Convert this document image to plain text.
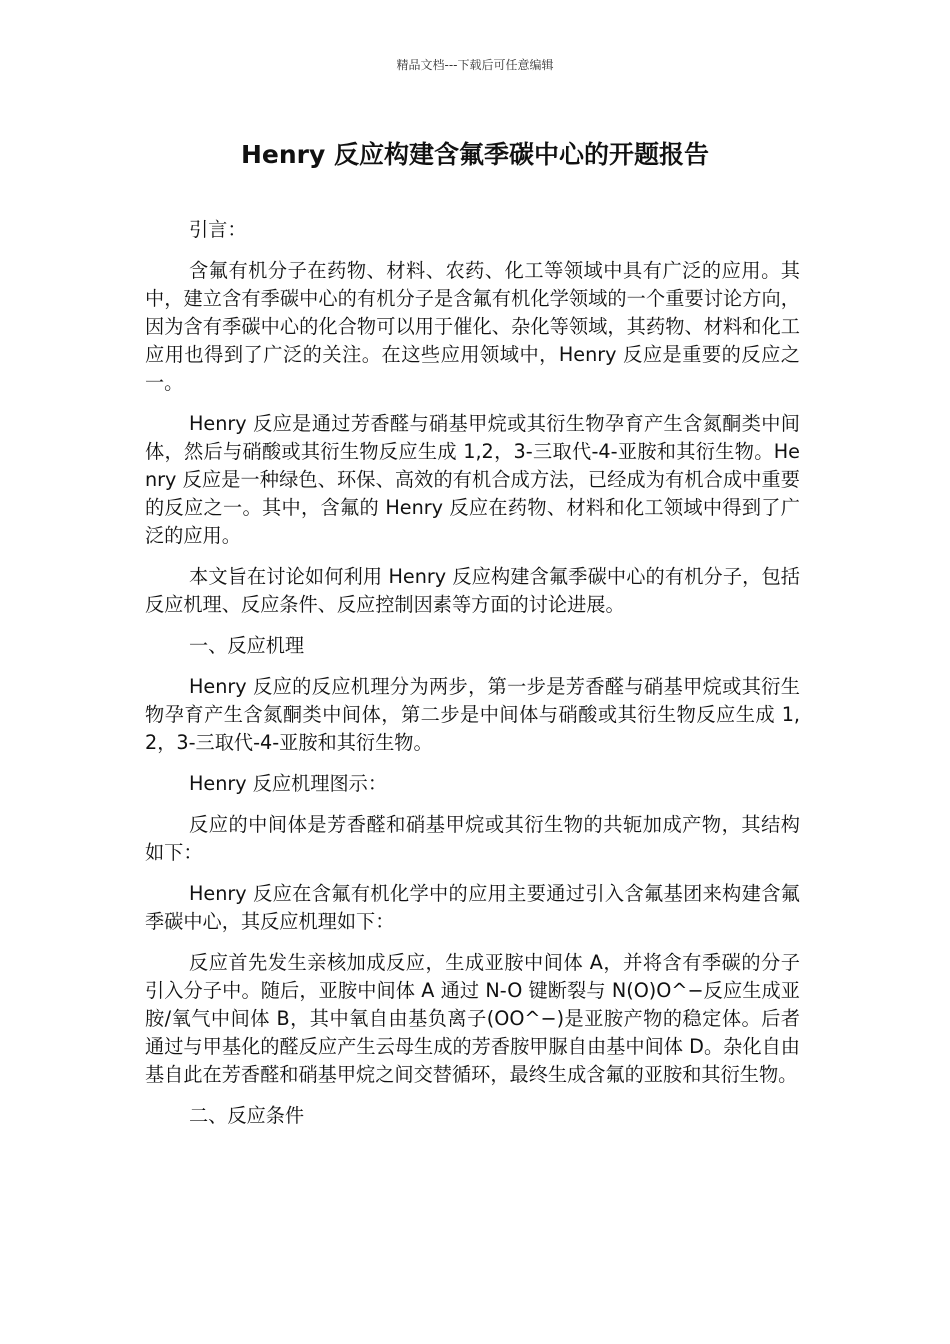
精品文档---下载后可任意编辑
Henry 反应构建含氟季碳中心的开题报告

引言：

含氟有机分子在药物、材料、农药、化工等领域中具有广泛的应用。其中，建立含有季碳中心的有机分子是含氟有机化学领域的一个重要讨论方向，因为含有季碳中心的化合物可以用于催化、杂化等领域，其药物、材料和化工应用也得到了广泛的关注。在这些应用领域中，Henry 反应是重要的反应之一。

Henry 反应是通过芳香醛与硝基甲烷或其衍生物孕育产生含氮酮类中间体，然后与硝酸或其衍生物反应生成 1,2，3-三取代-4-亚胺和其衍生物。Henry 反应是一种绿色、环保、高效的有机合成方法，已经成为有机合成中重要的反应之一。其中，含氟的 Henry 反应在药物、材料和化工领域中得到了广泛的应用。

本文旨在讨论如何利用 Henry 反应构建含氟季碳中心的有机分子，包括反应机理、反应条件、反应控制因素等方面的讨论进展。

一、反应机理

Henry 反应的反应机理分为两步，第一步是芳香醛与硝基甲烷或其衍生物孕育产生含氮酮类中间体，第二步是中间体与硝酸或其衍生物反应生成 1,2，3-三取代-4-亚胺和其衍生物。

Henry 反应机理图示：

反应的中间体是芳香醛和硝基甲烷或其衍生物的共轭加成产物，其结构如下：

Henry 反应在含氟有机化学中的应用主要通过引入含氟基团来构建含氟季碳中心，其反应机理如下：

反应首先发生亲核加成反应，生成亚胺中间体 A，并将含有季碳的分子引入分子中。随后，亚胺中间体 A 通过 N-O 键断裂与 N(O)O^−反应生成亚胺/氧气中间体 B，其中氧自由基负离子(OO^−)是亚胺产物的稳定体。后者通过与甲基化的醛反应产生云母生成的芳香胺甲脲自由基中间体 D。杂化自由基自此在芳香醛和硝基甲烷之间交替循环，最终生成含氟的亚胺和其衍生物。

二、反应条件
